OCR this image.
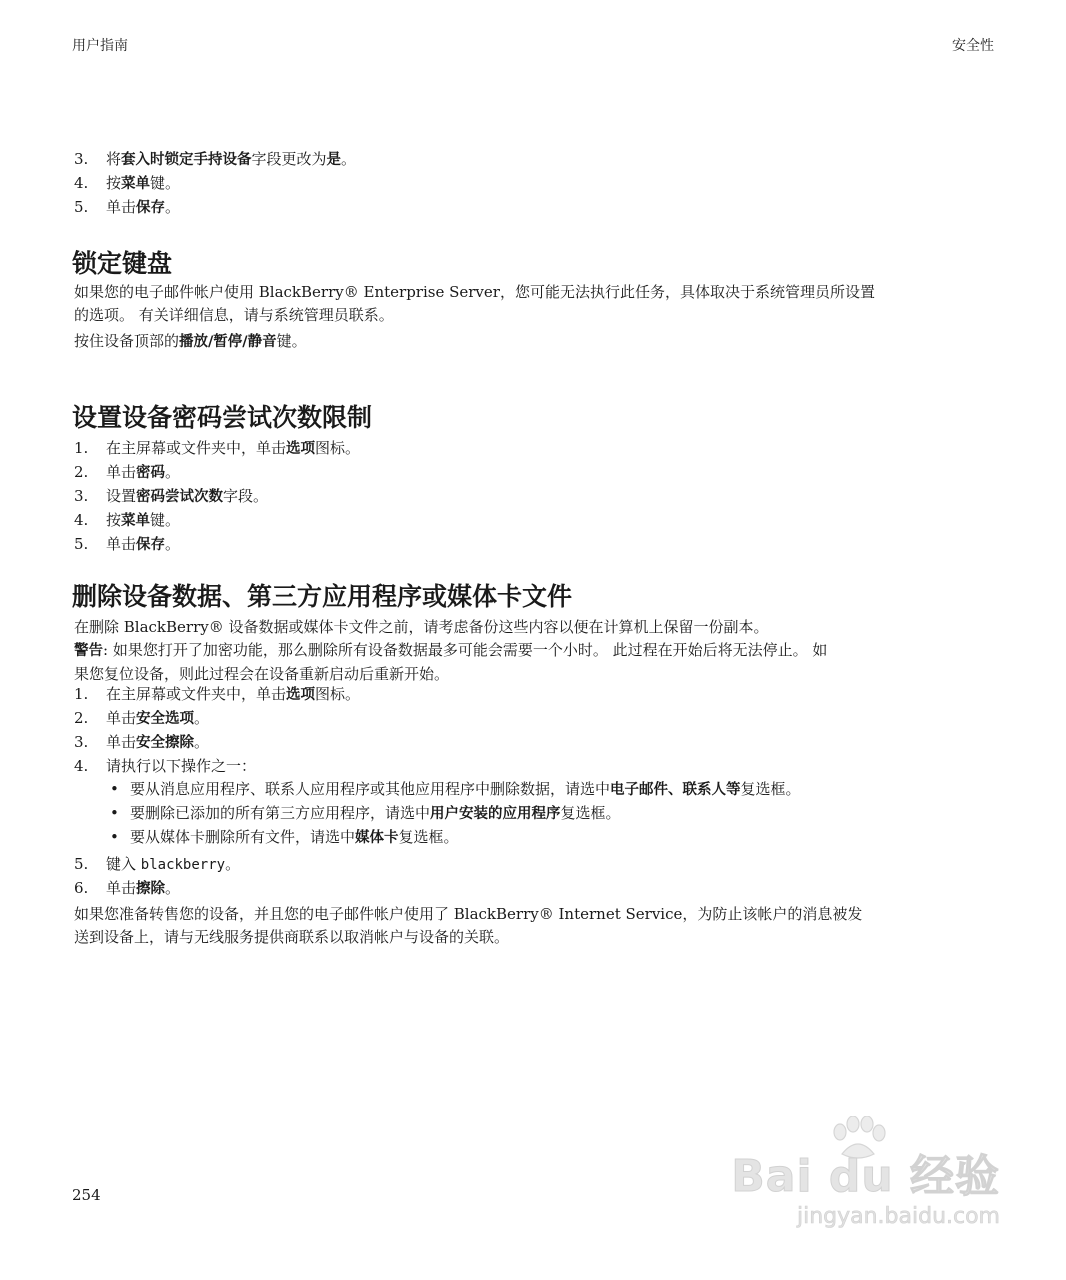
用户指南	安全性
3. 将套入时锁定手持设备字段更改为是。
4. 按菜单键。
5. 单击保存。
锁定键盘
如果您的电子邮件帐户使用 BlackBerry® Enterprise Server，您可能无法执行此任务，具体取决于系统管理员所设置
的选项。 有关详细信息，请与系统管理员联系。
按住设备顶部的播放/暂停/静音键。
设置设备密码尝试次数限制
1. 在主屏幕或文件夹中，单击选项图标。
2. 单击密码。
3. 设置密码尝试次数字段。
4. 按菜单键。
5. 单击保存。
删除设备数据、第三方应用程序或媒体卡文件
在删除 BlackBerry® 设备数据或媒体卡文件之前，请考虑备份这些内容以便在计算机上保留一份副本。
警告: 如果您打开了加密功能，那么删除所有设备数据最多可能会需要一个小时。 此过程在开始后将无法停止。 如
果您复位设备，则此过程会在设备重新启动后重新开始。
1. 在主屏幕或文件夹中，单击选项图标。
2. 单击安全选项。
3. 单击安全擦除。
4. 请执行以下操作之一：
• 要从消息应用程序、联系人应用程序或其他应用程序中删除数据，请选中电子邮件、联系人等复选框。
• 要删除已添加的所有第三方应用程序，请选中用户安装的应用程序复选框。
• 要从媒体卡删除所有文件，请选中媒体卡复选框。
5. 键入 blackberry。
6. 单击擦除。
如果您准备转售您的设备，并且您的电子邮件帐户使用了 BlackBerry® Internet Service，为防止该帐户的消息被发
送到设备上，请与无线服务提供商联系以取消帐户与设备的关联。
254	Bai du 经验
jingyan.baidu.com
